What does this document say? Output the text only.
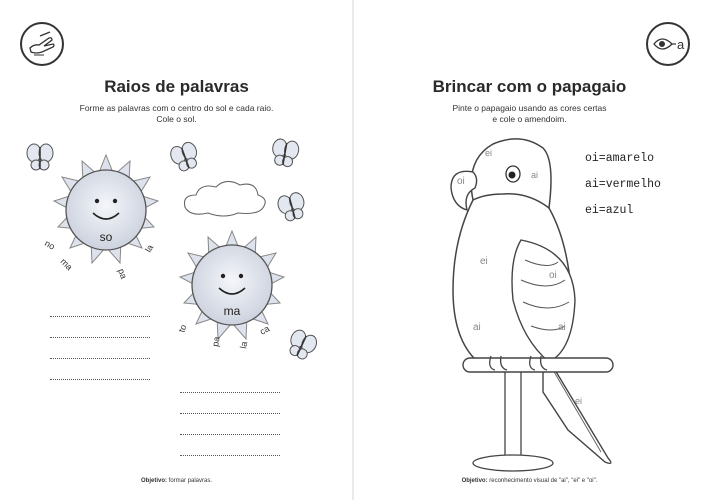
Raios de palavras
Forme as palavras com o centro do sol e cada raio.
Cole o sol.
so
no
ma
pa
la
ma
to
pa la
ca
Objetivo: formar palavras.
a
Brincar com o papagaio
Pinte o papagaio usando as cores certas
e cole o amendoim.
oi=amarelo
ai=vermelho
ei=azul
ei
oi
ai
ei
oi
ai	ai
ei
Objetivo: reconhecimento visual de "ai", "ei" e "oi".
